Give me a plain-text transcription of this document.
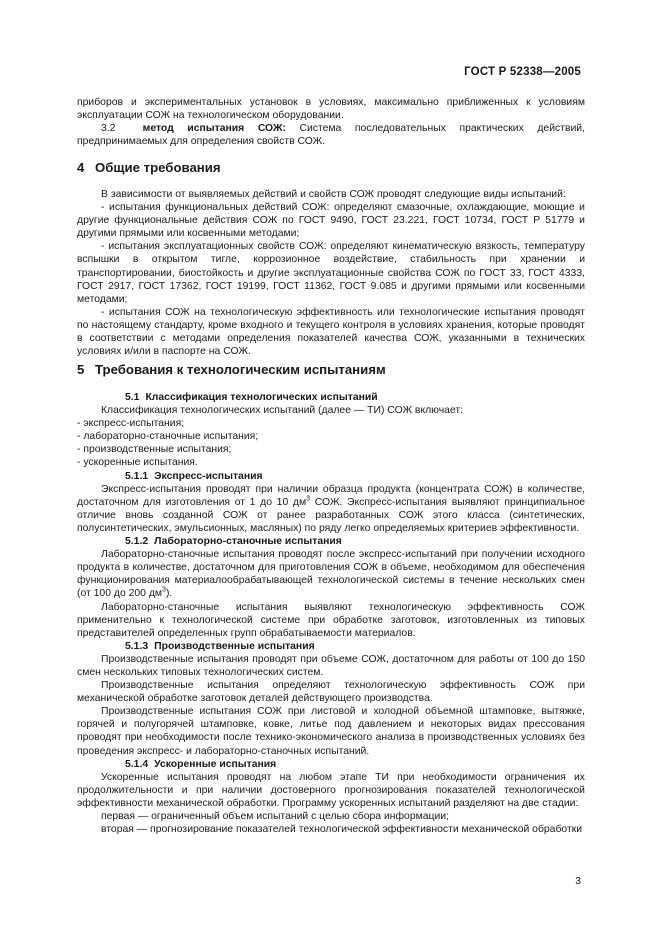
ГОСТ Р 52338—2005

приборов и экспериментальных установок в условиях, максимально приближенных к условиям эксплуатации СОЖ на технологическом оборудовании.

3.2	метод испытания СОЖ: Система последовательных практических действий, предпринимаемых для определения свойств СОЖ.

4 Общие требования

В зависимости от выявляемых действий и свойств СОЖ проводят следующие виды испытаний:

- испытания функциональных действий СОЖ: определяют смазочные, охлаждающие, моющие и другие функциональные действия СОЖ по ГОСТ 9490, ГОСТ 23.221, ГОСТ 10734, ГОСТ Р 51779 и другими прямыми или косвенными методами;

- испытания эксплуатационных свойств СОЖ: определяют кинематическую вязкость, температуру вспышки в открытом тигле, коррозионное воздействие, стабильность при хранении и транспортировании, биостойкость и другие эксплуатационные свойства СОЖ по ГОСТ 33, ГОСТ 4333, ГОСТ 2917, ГОСТ 17362, ГОСТ 19199, ГОСТ 11362, ГОСТ 9.085 и другими прямыми или косвенными методами;

- испытания СОЖ на технологическую эффективность или технологические испытания проводят по настоящему стандарту, кроме входного и текущего контроля в условиях хранения, которые проводят в соответствии с методами определения показателей качества СОЖ, указанными в технических условиях и/или в паспорте на СОЖ.

5 Требования к технологическим испытаниям

5.1 Классификация технологических испытаний

Классификация технологических испытаний (далее — ТИ) СОЖ включает:

- экспресс-испытания;

- лабораторно-станочные испытания;

- производственные испытания;

- ускоренные испытания.

5.1.1 Экспресс-испытания

Экспресс-испытания проводят при наличии образца продукта (концентрата СОЖ) в количестве, достаточном для изготовления от 1 до 10 $дм^3$ СОЖ. Экспресс-испытания выявляют принципиальное отличие вновь созданной СОЖ от ранее разработанных СОЖ этого класса (синтетических, полусинтетических, эмульсионных, масляных) по ряду легко определяемых критериев эффективности.

5.1.2 Лабораторно-станочные испытания

Лабораторно-станочные испытания проводят после экспресс-испытаний при получении исходного продукта в количестве, достаточном для приготовления СОЖ в объеме, необходимом для обеспечения функционирования материалообрабатывающей технологической системы в течение нескольких смен (от 100 до 200 $дм^3$).

Лабораторно-станочные испытания выявляют технологическую эффективность СОЖ применительно к технологической системе при обработке заготовок, изготовленных из типовых представителей определенных групп обрабатываемости материалов.

5.1.3 Производственные испытания

Производственные испытания проводят при объеме СОЖ, достаточном для работы от 100 до 150 смен нескольких типовых технологических систем.

Производственные испытания определяют технологическую эффективность СОЖ при механической обработке заготовок деталей действующего производства.

Производственные испытания СОЖ при листовой и холодной объемной штамповке, вытяжке, горячей и полугорячей штамповке, ковке, литье под давлением и некоторых видах прессования проводят при необходимости после технико-экономического анализа в производственных условиях без проведения экспресс- и лабораторно-станочных испытаний.

5.1.4 Ускоренные испытания

Ускоренные испытания проводят на любом этапе ТИ при необходимости ограничения их продолжительности и при наличии достоверного прогнозирования показателей технологической эффективности механической обработки. Программу ускоренных испытаний разделяют на две стадии:

первая — ограниченный объем испытаний с целью сбора информации;

вторая — прогнозирование показателей технологической эффективности механической обработки

3
